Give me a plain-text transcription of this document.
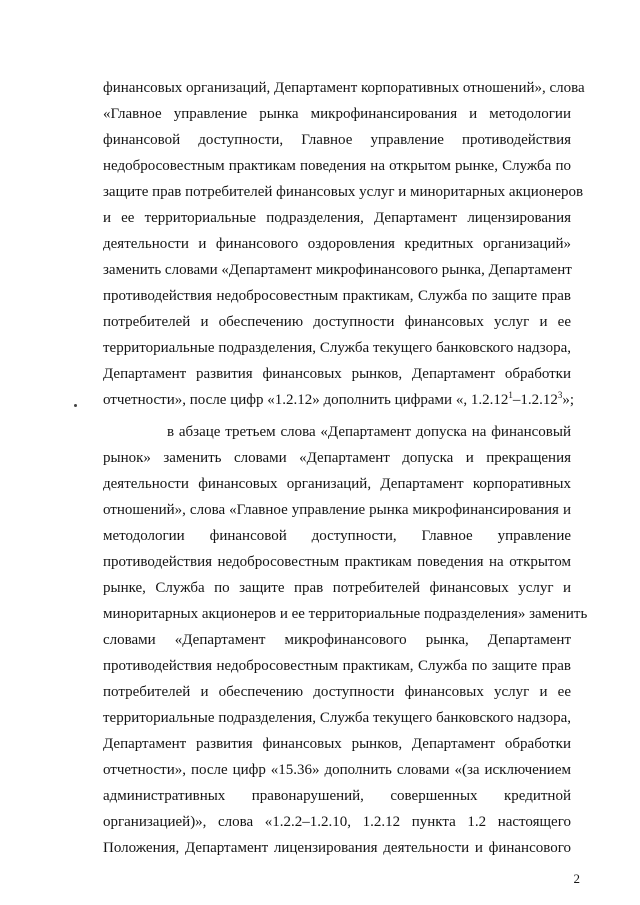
финансовых организаций, Департамент корпоративных отношений», слова
«Главное управление рынка микрофинансирования и методологии
финансовой доступности, Главное управление противодействия
недобросовестным практикам поведения на открытом рынке, Служба по
защите прав потребителей финансовых услуг и миноритарных акционеров
и ее территориальные подразделения, Департамент лицензирования
деятельности и финансового оздоровления кредитных организаций»
заменить словами «Департамент микрофинансового рынка, Департамент
противодействия недобросовестным практикам, Служба по защите прав
потребителей и обеспечению доступности финансовых услуг и ее
территориальные подразделения, Служба текущего банковского надзора,
Департамент развития финансовых рынков, Департамент обработки
отчетности», после цифр «1.2.12» дополнить цифрами «, 1.2.12$^1$–1.2.12$^3$»;
в абзаце третьем слова «Департамент допуска на финансовый
рынок» заменить словами «Департамент допуска и прекращения
деятельности финансовых организаций, Департамент корпоративных
отношений», слова «Главное управление рынка микрофинансирования и
методологии финансовой доступности, Главное управление
противодействия недобросовестным практикам поведения на открытом
рынке, Служба по защите прав потребителей финансовых услуг и
миноритарных акционеров и ее территориальные подразделения» заменить
словами «Департамент микрофинансового рынка, Департамент
противодействия недобросовестным практикам, Служба по защите прав
потребителей и обеспечению доступности финансовых услуг и ее
территориальные подразделения, Служба текущего банковского надзора,
Департамент развития финансовых рынков, Департамент обработки
отчетности», после цифр «15.36» дополнить словами «(за исключением
административных правонарушений, совершенных кредитной
организацией)», слова «1.2.2–1.2.10, 1.2.12 пункта 1.2 настоящего
Положения, Департамент лицензирования деятельности и финансового
2
